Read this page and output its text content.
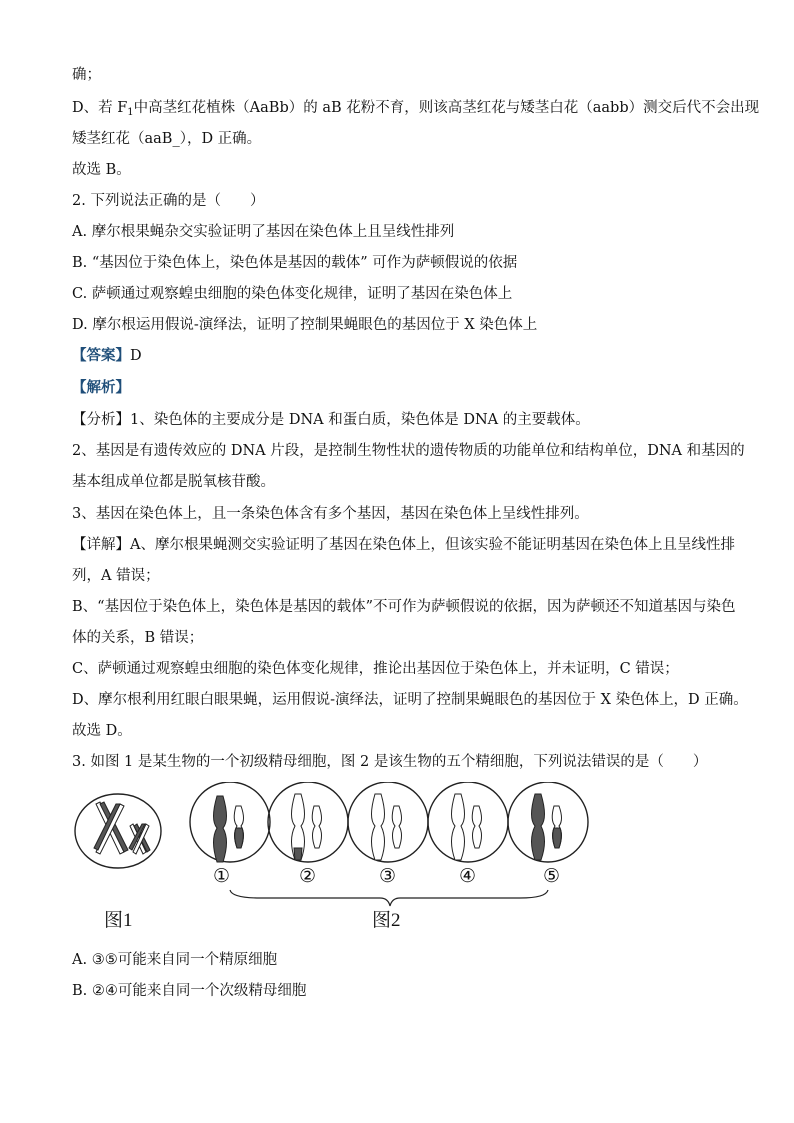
确；
D、若 $F_1$中高茎红花植株（AaBb）的 aB 花粉不育，则该高茎红花与矮茎白花（aabb）测交后代不会出现
矮茎红花（aaB_），D 正确。
故选 B。
2. 下列说法正确的是（　　）
A. 摩尔根果蝇杂交实验证明了基因在染色体上且呈线性排列
B. “基因位于染色体上，染色体是基因的载体” 可作为萨顿假说的依据
C. 萨顿通过观察蝗虫细胞的染色体变化规律，证明了基因在染色体上
D. 摩尔根运用假说-演绎法，证明了控制果蝇眼色的基因位于 X 染色体上
【答案】D
【解析】
【分析】1、染色体的主要成分是 DNA 和蛋白质，染色体是 DNA 的主要载体。
2、基因是有遗传效应的 DNA 片段，是控制生物性状的遗传物质的功能单位和结构单位，DNA 和基因的
基本组成单位都是脱氧核苷酸。
3、基因在染色体上，且一条染色体含有多个基因，基因在染色体上呈线性排列。
【详解】A、摩尔根果蝇测交实验证明了基因在染色体上，但该实验不能证明基因在染色体上且呈线性排
列，A 错误；
B、“基因位于染色体上，染色体是基因的载体”不可作为萨顿假说的依据，因为萨顿还不知道基因与染色
体的关系，B 错误；
C、萨顿通过观察蝗虫细胞的染色体变化规律，推论出基因位于染色体上，并未证明，C 错误；
D、摩尔根利用红眼白眼果蝇，运用假说-演绎法，证明了控制果蝇眼色的基因位于 X 染色体上，D 正确。
故选 D。
3. 如图 1 是某生物的一个初级精母细胞，图 2 是该生物的五个精细胞，下列说法错误的是（　　）
①	②	③	④	⑤
图1	图2
A. ③⑤可能来自同一个精原细胞
B. ②④可能来自同一个次级精母细胞
